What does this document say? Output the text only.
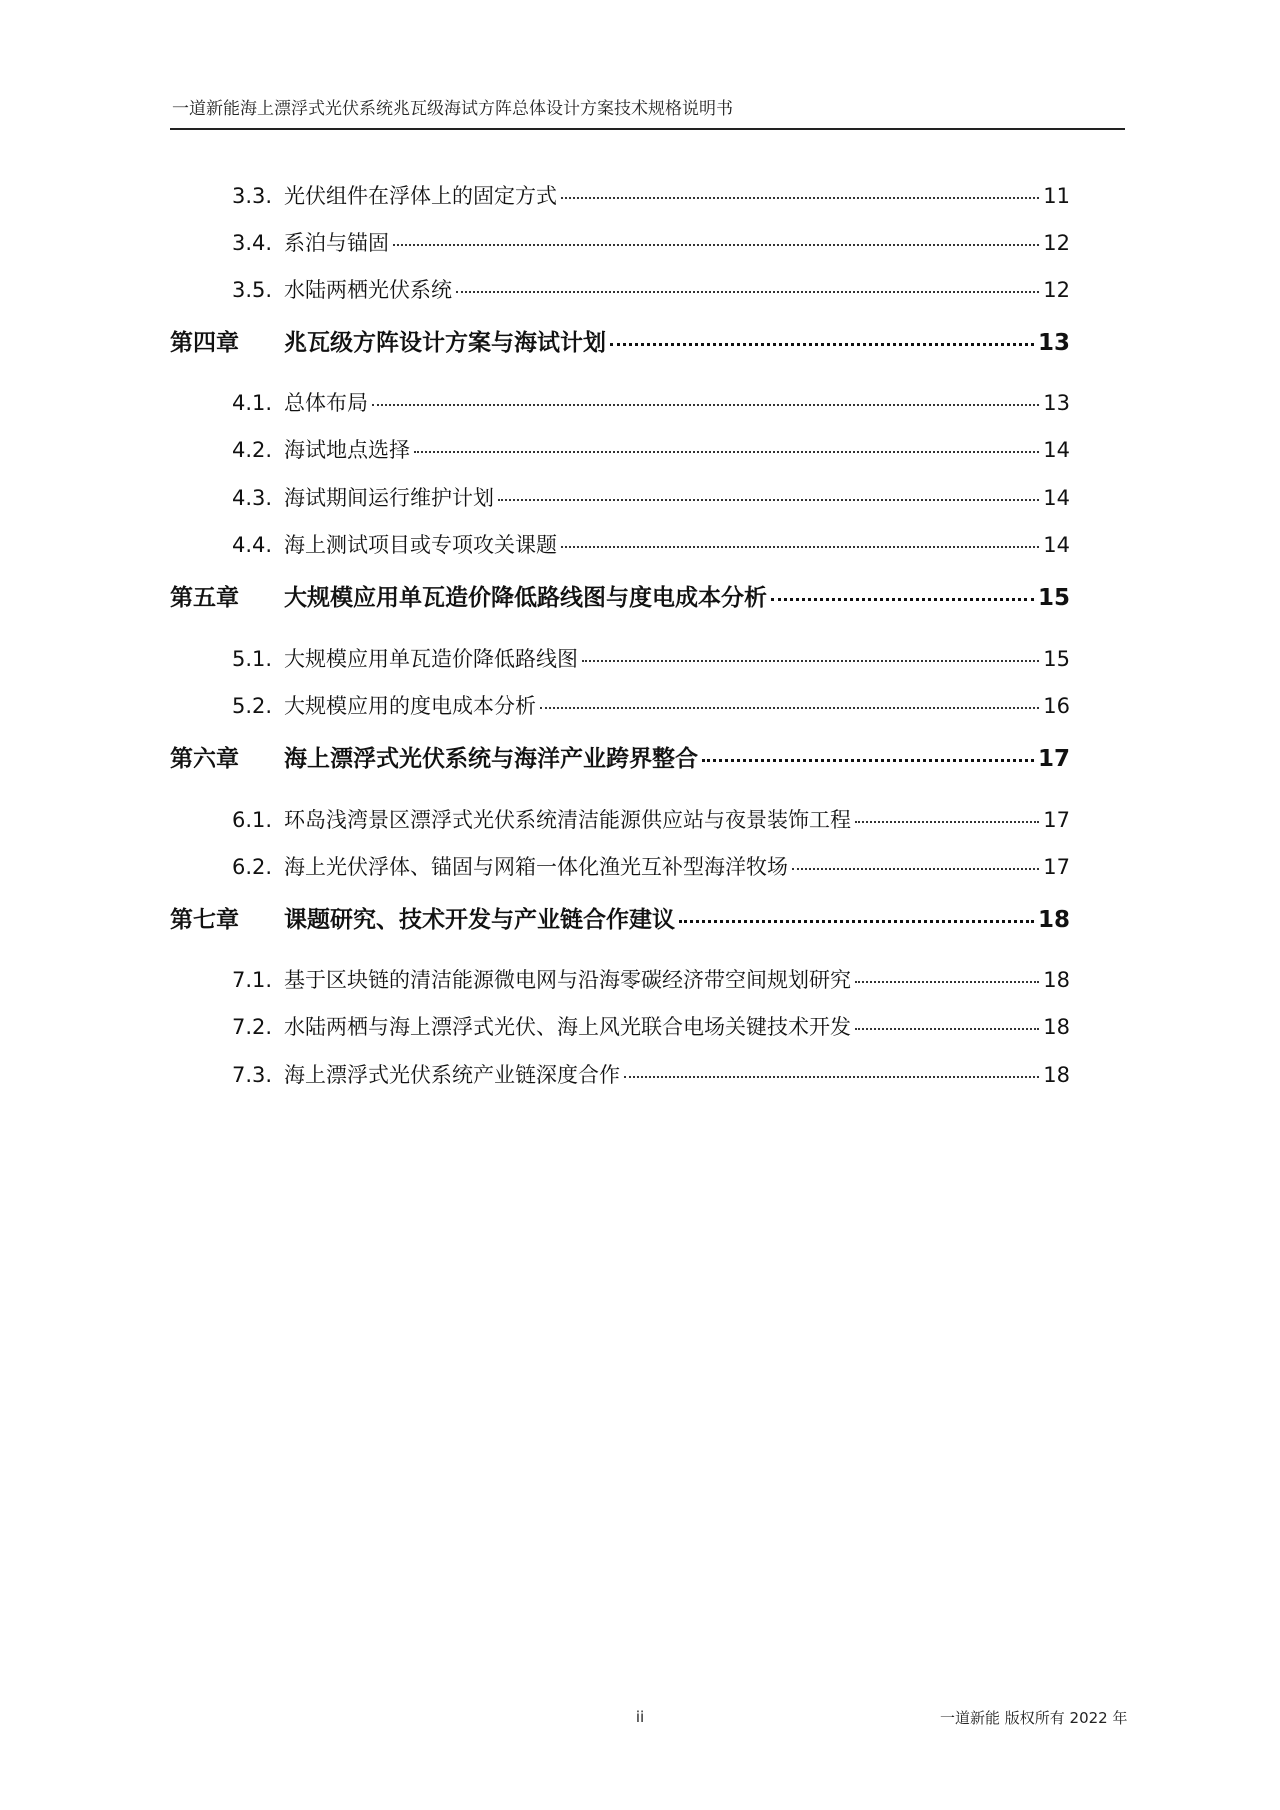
一道新能海上漂浮式光伏系统兆瓦级海试方阵总体设计方案技术规格说明书
3.3. 光伏组件在浮体上的固定方式	11
3.4. 系泊与锚固	12
3.5. 水陆两栖光伏系统	12
第四章	兆瓦级方阵设计方案与海试计划	13
4.1. 总体布局	13
4.2. 海试地点选择	14
4.3. 海试期间运行维护计划	14
4.4. 海上测试项目或专项攻关课题	14
第五章	大规模应用单瓦造价降低路线图与度电成本分析	15
5.1. 大规模应用单瓦造价降低路线图	15
5.2. 大规模应用的度电成本分析	16
第六章	海上漂浮式光伏系统与海洋产业跨界整合	17
6.1. 环岛浅湾景区漂浮式光伏系统清洁能源供应站与夜景装饰工程	17
6.2. 海上光伏浮体、锚固与网箱一体化渔光互补型海洋牧场	17
第七章	课题研究、技术开发与产业链合作建议	18
7.1. 基于区块链的清洁能源微电网与沿海零碳经济带空间规划研究	18
7.2. 水陆两栖与海上漂浮式光伏、海上风光联合电场关键技术开发	18
7.3. 海上漂浮式光伏系统产业链深度合作	18
ii	一道新能 版权所有 2022 年
